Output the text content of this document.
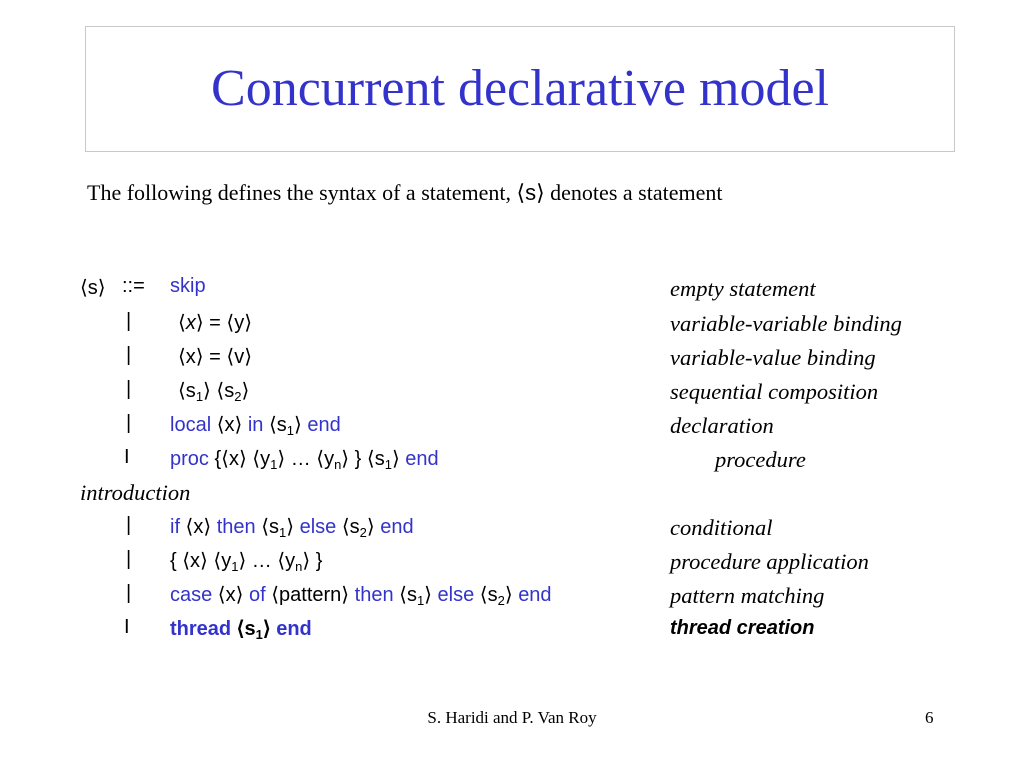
Concurrent declarative model
The following defines the syntax of a statement, ⟨s⟩ denotes a statement
⟨s⟩ ::= skip	empty statement
| ⟨x⟩ = ⟨y⟩	variable-variable binding
| ⟨x⟩ = ⟨v⟩	variable-value binding
| $⟨s_1⟩$ $⟨s_2⟩$	sequential composition
| local ⟨x⟩ in $⟨s_1⟩$ end	declaration
I proc {⟨x⟩ $⟨y_1⟩$ … $⟨y_n⟩$ } $⟨s_1⟩$ end	procedure
introduction
| if ⟨x⟩ then $⟨s_1⟩$ else $⟨s_2⟩$ end	conditional
| { ⟨x⟩ $⟨y_1⟩$ … $⟨y_n⟩$ }	procedure application
| case ⟨x⟩ of ⟨pattern⟩ then $⟨s_1⟩$ else $⟨s_2⟩$ end	pattern matching
I thread $⟨s_1⟩$ end	thread creation
S. Haridi and P. Van Roy	6
